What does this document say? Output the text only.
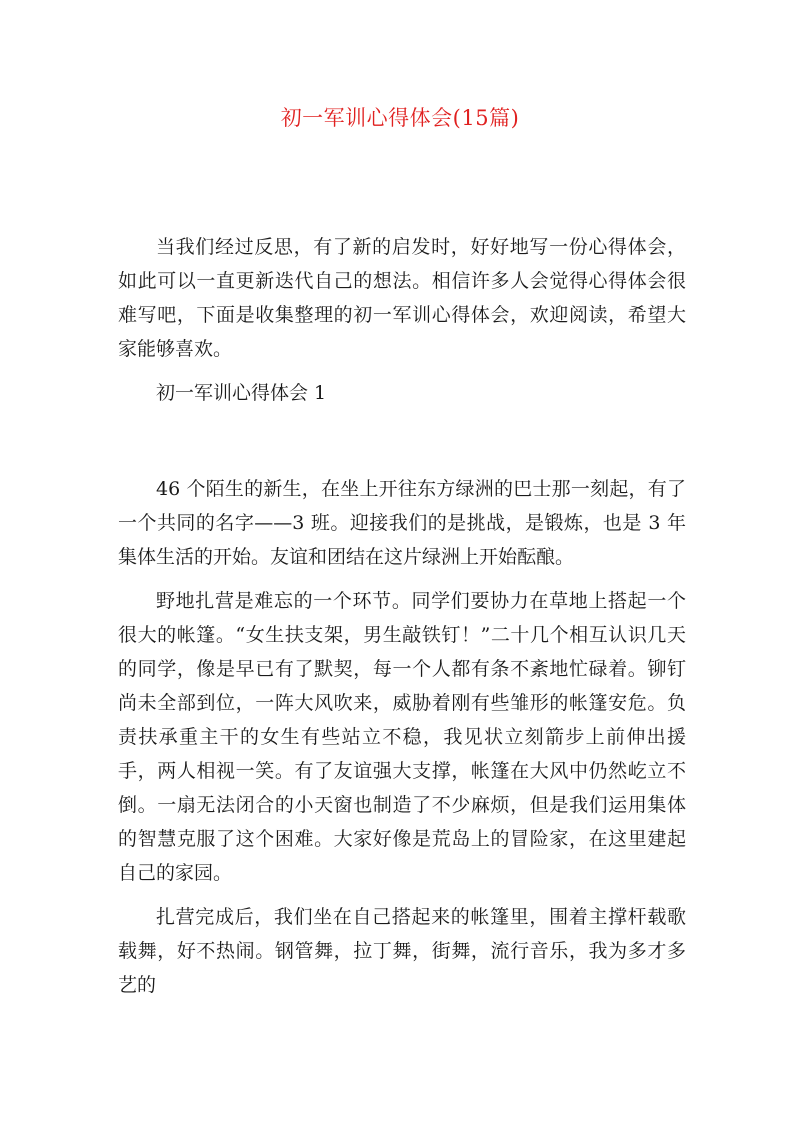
初一军训心得体会(15篇)

当我们经过反思，有了新的启发时，好好地写一份心得体会，如此可以一直更新迭代自己的想法。相信许多人会觉得心得体会很难写吧，下面是收集整理的初一军训心得体会，欢迎阅读，希望大家能够喜欢。

初一军训心得体会 1

46 个陌生的新生，在坐上开往东方绿洲的巴士那一刻起，有了一个共同的名字——3 班。迎接我们的是挑战，是锻炼，也是 3 年集体生活的开始。友谊和团结在这片绿洲上开始酝酿。

野地扎营是难忘的一个环节。同学们要协力在草地上搭起一个很大的帐篷。“女生扶支架，男生敲铁钉！”二十几个相互认识几天的同学，像是早已有了默契，每一个人都有条不紊地忙碌着。铆钉尚未全部到位，一阵大风吹来，威胁着刚有些雏形的帐篷安危。负责扶承重主干的女生有些站立不稳，我见状立刻箭步上前伸出援手，两人相视一笑。有了友谊强大支撑，帐篷在大风中仍然屹立不倒。一扇无法闭合的小天窗也制造了不少麻烦，但是我们运用集体的智慧克服了这个困难。大家好像是荒岛上的冒险家，在这里建起自己的家园。

扎营完成后，我们坐在自己搭起来的帐篷里，围着主撑杆载歌载舞，好不热闹。钢管舞，拉丁舞，街舞，流行音乐，我为多才多艺的
